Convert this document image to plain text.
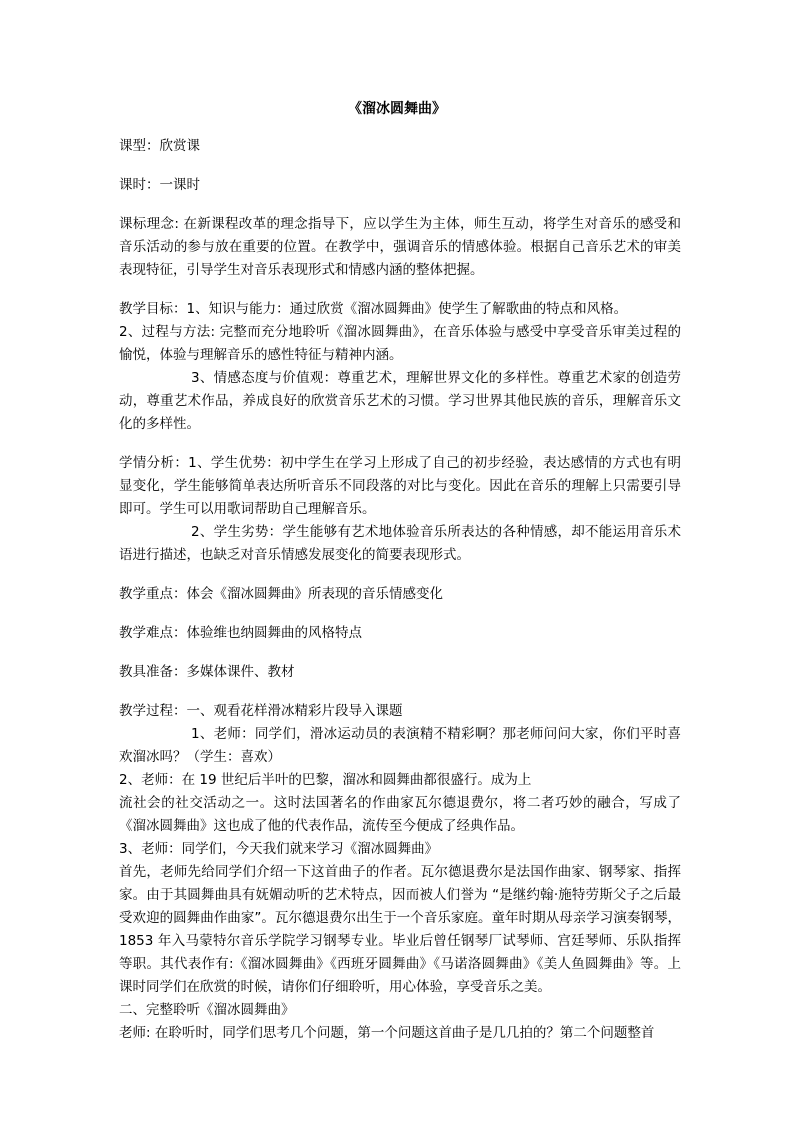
《溜冰圆舞曲》

课型：欣赏课

课时：一课时

课标理念: 在新课程改革的理念指导下，应以学生为主体，师生互动，将学生对音乐的感受和音乐活动的参与放在重要的位置。在教学中，强调音乐的情感体验。根据自己音乐艺术的审美表现特征，引导学生对音乐表现形式和情感内涵的整体把握。

教学目标：1、知识与能力：通过欣赏《溜冰圆舞曲》使学生了解歌曲的特点和风格。

2、过程与方法: 完整而充分地聆听《溜冰圆舞曲》，在音乐体验与感受中享受音乐审美过程的愉悦，体验与理解音乐的感性特征与精神内涵。

3、情感态度与价值观：尊重艺术，理解世界文化的多样性。尊重艺术家的创造劳动，尊重艺术作品，养成良好的欣赏音乐艺术的习惯。学习世界其他民族的音乐，理解音乐文化的多样性。

学情分析：1、学生优势：初中学生在学习上形成了自己的初步经验，表达感情的方式也有明显变化，学生能够简单表达所听音乐不同段落的对比与变化。因此在音乐的理解上只需要引导即可。学生可以用歌词帮助自己理解音乐。

2、学生劣势：学生能够有艺术地体验音乐所表达的各种情感，却不能运用音乐术语进行描述，也缺乏对音乐情感发展变化的简要表现形式。

教学重点：体会《溜冰圆舞曲》所表现的音乐情感变化

教学难点：体验维也纳圆舞曲的风格特点

教具准备：多媒体课件、教材

教学过程：一、观看花样滑冰精彩片段导入课题

1、老师：同学们，滑冰运动员的表演精不精彩啊？那老师问问大家，你们平时喜欢溜冰吗？（学生：喜欢）

2、老师：在 19 世纪后半叶的巴黎，溜冰和圆舞曲都很盛行。成为上

流社会的社交活动之一。这时法国著名的作曲家瓦尔德退费尔，将二者巧妙的融合，写成了《溜冰圆舞曲》这也成了他的代表作品，流传至今便成了经典作品。

3、老师：同学们，今天我们就来学习《溜冰圆舞曲》

首先，老师先给同学们介绍一下这首曲子的作者。瓦尔德退费尔是法国作曲家、钢琴家、指挥家。由于其圆舞曲具有妩媚动听的艺术特点，因而被人们誉为 “是继约翰·施特劳斯父子之后最受欢迎的圆舞曲作曲家”。瓦尔德退费尔出生于一个音乐家庭。童年时期从母亲学习演奏钢琴，1853 年入马蒙特尔音乐学院学习钢琴专业。毕业后曾任钢琴厂试琴师、宫廷琴师、乐队指挥等职。其代表作有:《溜冰圆舞曲》《西班牙圆舞曲》《马诺洛圆舞曲》《美人鱼圆舞曲》等。上课时同学们在欣赏的时候，请你们仔细聆听，用心体验，享受音乐之美。

二、完整聆听《溜冰圆舞曲》

老师: 在聆听时，同学们思考几个问题，第一个问题这首曲子是几几拍的？第二个问题整首
